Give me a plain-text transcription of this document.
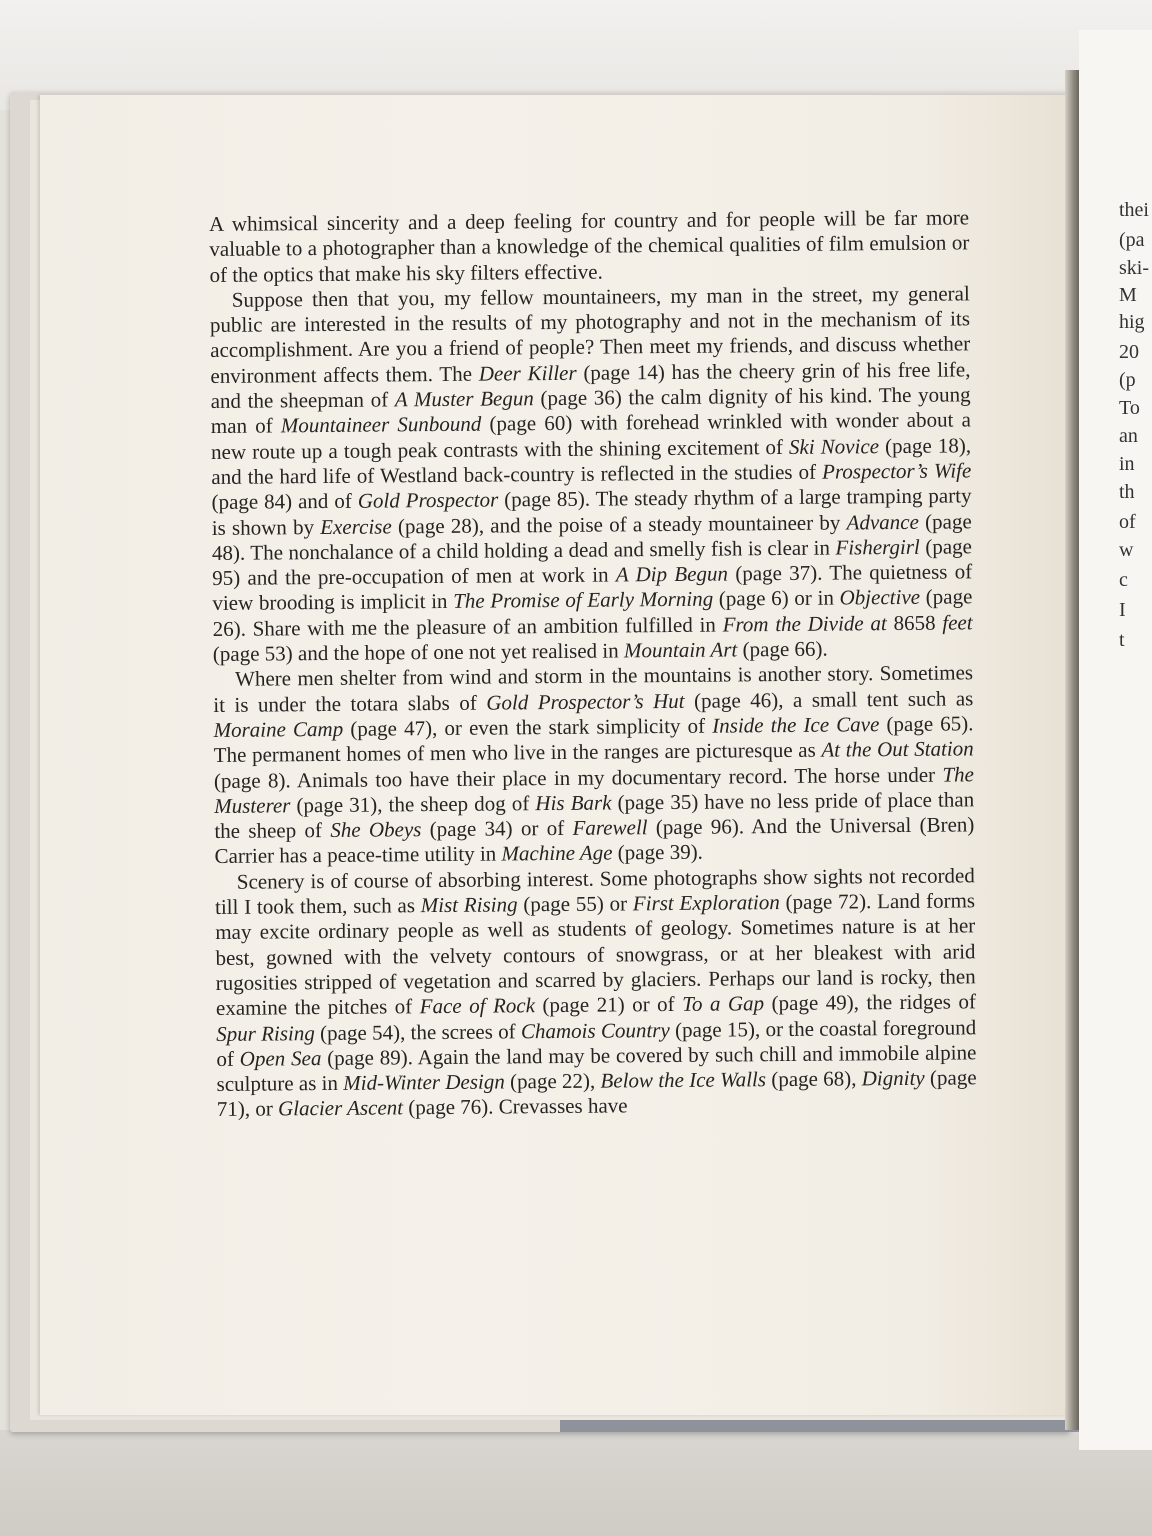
A whimsical sincerity and a deep feeling for country and for people will be far more valuable to a photographer than a knowledge of the chemical qualities of film emulsion or of the optics that make his sky filters effective.

Suppose then that you, my fellow mountaineers, my man in the street, my general public are interested in the results of my photography and not in the mechanism of its accomplishment. Are you a friend of people? Then meet my friends, and discuss whether environment affects them. The Deer Killer (page 14) has the cheery grin of his free life, and the sheepman of A Muster Begun (page 36) the calm dignity of his kind. The young man of Mountaineer Sunbound (page 60) with forehead wrinkled with wonder about a new route up a tough peak contrasts with the shining excitement of Ski Novice (page 18), and the hard life of Westland back-country is reflected in the studies of Prospector’s Wife (page 84) and of Gold Prospector (page 85). The steady rhythm of a large tramping party is shown by Exercise (page 28), and the poise of a steady mountaineer by Advance (page 48). The nonchalance of a child holding a dead and smelly fish is clear in Fishergirl (page 95) and the pre-occupation of men at work in A Dip Begun (page 37). The quietness of view brooding is implicit in The Promise of Early Morning (page 6) or in Objective (page 26). Share with me the pleasure of an ambition fulfilled in From the Divide at 8658 feet (page 53) and the hope of one not yet realised in Mountain Art (page 66).

Where men shelter from wind and storm in the mountains is another story. Sometimes it is under the totara slabs of Gold Prospector’s Hut (page 46), a small tent such as Moraine Camp (page 47), or even the stark simplicity of Inside the Ice Cave (page 65). The permanent homes of men who live in the ranges are picturesque as At the Out Station (page 8). Animals too have their place in my documentary record. The horse under The Musterer (page 31), the sheep dog of His Bark (page 35) have no less pride of place than the sheep of She Obeys (page 34) or of Farewell (page 96). And the Universal (Bren) Carrier has a peace-time utility in Machine Age (page 39).

Scenery is of course of absorbing interest. Some photographs show sights not recorded till I took them, such as Mist Rising (page 55) or First Exploration (page 72). Land forms may excite ordinary people as well as students of geology. Sometimes nature is at her best, gowned with the velvety contours of snowgrass, or at her bleakest with arid rugosities stripped of vegetation and scarred by glaciers. Perhaps our land is rocky, then examine the pitches of Face of Rock (page 21) or of To a Gap (page 49), the ridges of Spur Rising (page 54), the screes of Chamois Country (page 15), or the coastal foreground of Open Sea (page 89). Again the land may be covered by such chill and immobile alpine sculpture as in Mid-Winter Design (page 22), Below the Ice Walls (page 68), Dignity (page 71), or Glacier Ascent (page 76). Crevasses have

thei
(pa
ski-
M
hig
20
(p
To
an
in
th
of
w
c
I
t
